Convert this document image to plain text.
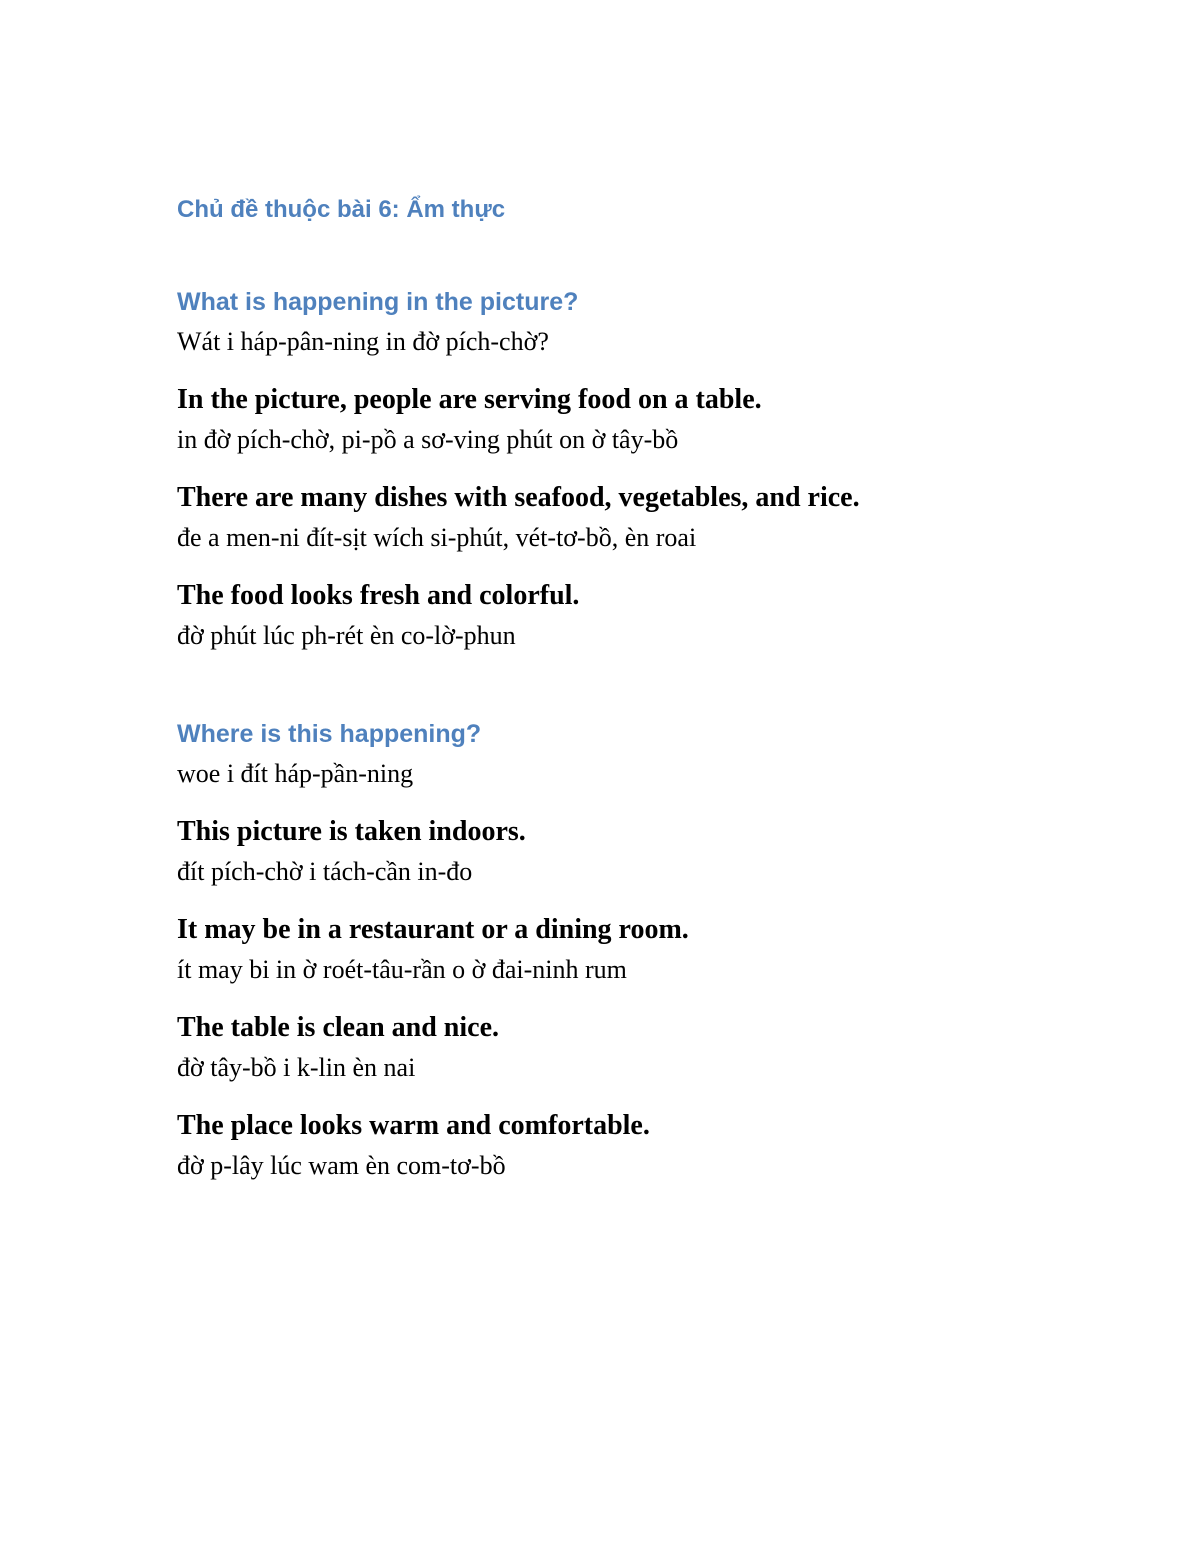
Chủ đề thuộc bài 6: Ẩm thực
What is happening in the picture?
Wát i háp-pân-ning in đờ pích-chờ?
In the picture, people are serving food on a table.
in đờ pích-chờ, pi-pồ a sơ-ving phút on ờ tây-bồ
There are many dishes with seafood, vegetables, and rice.
đe a men-ni đít-sịt wích si-phút, vét-tơ-bồ, èn roai
The food looks fresh and colorful.
đờ phút lúc ph-rét èn co-lờ-phun
Where is this happening?
woe i đít háp-pần-ning
This picture is taken indoors.
đít pích-chờ i tách-cần in-đo
It may be in a restaurant or a dining room.
ít may bi in ờ roét-tâu-rần o ờ đai-ninh rum
The table is clean and nice.
đờ tây-bồ i k-lin èn nai
The place looks warm and comfortable.
đờ p-lây lúc wam èn com-tơ-bồ
